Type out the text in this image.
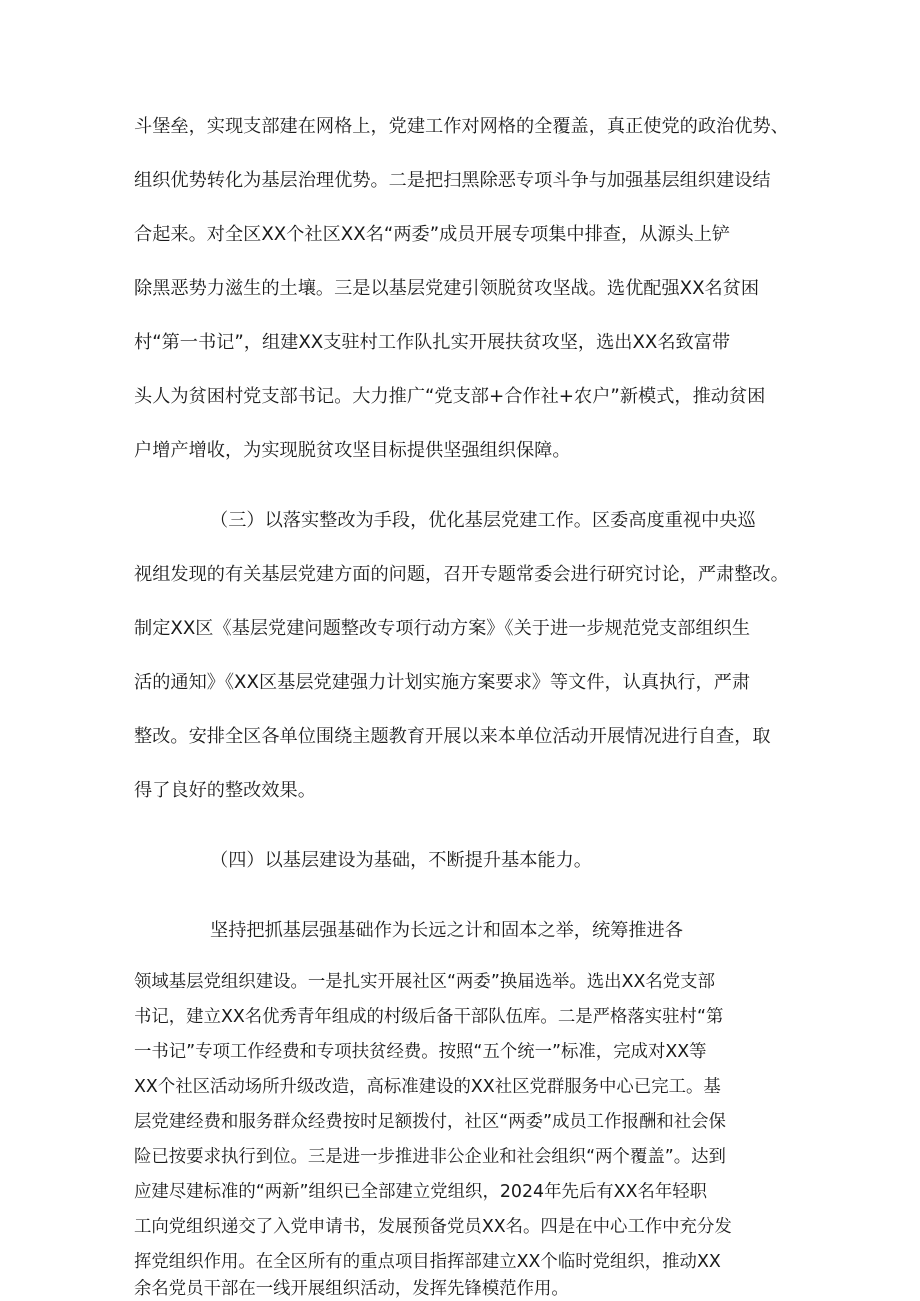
斗堡垒，实现支部建在网格上，党建工作对网格的全覆盖，真正使党的政治优势、

组织优势转化为基层治理优势。二是把扫黑除恶专项斗争与加强基层组织建设结

合起来。对全区XX个社区XX名“两委”成员开展专项集中排查，从源头上铲

除黑恶势力滋生的土壤。三是以基层党建引领脱贫攻坚战。选优配强XX名贫困

村“第一书记”，组建XX支驻村工作队扎实开展扶贫攻坚，选出XX名致富带

头人为贫困村党支部书记。大力推广“党支部+合作社+农户”新模式，推动贫困

户增产增收，为实现脱贫攻坚目标提供坚强组织保障。

（三）以落实整改为手段，优化基层党建工作。区委高度重视中央巡

视组发现的有关基层党建方面的问题，召开专题常委会进行研究讨论，严肃整改。

制定XX区《基层党建问题整改专项行动方案》《关于进一步规范党支部组织生

活的通知》《XX区基层党建强力计划实施方案要求》等文件，认真执行，严肃

整改。安排全区各单位围绕主题教育开展以来本单位活动开展情况进行自查，取

得了良好的整改效果。

（四）以基层建设为基础，不断提升基本能力。

坚持把抓基层强基础作为长远之计和固本之举，统筹推进各

领域基层党组织建设。一是扎实开展社区“两委”换届选举。选出XX名党支部

书记，建立XX名优秀青年组成的村级后备干部队伍库。二是严格落实驻村“第

一书记”专项工作经费和专项扶贫经费。按照“五个统一”标准，完成对XX等

XX个社区活动场所升级改造，高标准建设的XX社区党群服务中心已完工。基

层党建经费和服务群众经费按时足额拨付，社区“两委”成员工作报酬和社会保

险已按要求执行到位。三是进一步推进非公企业和社会组织“两个覆盖”。达到

应建尽建标准的“两新”组织已全部建立党组织，2024年先后有XX名年轻职

工向党组织递交了入党申请书，发展预备党员XX名。四是在中心工作中充分发

挥党组织作用。在全区所有的重点项目指挥部建立XX个临时党组织，推动XX

余名党员干部在一线开展组织活动，发挥先锋模范作用。
